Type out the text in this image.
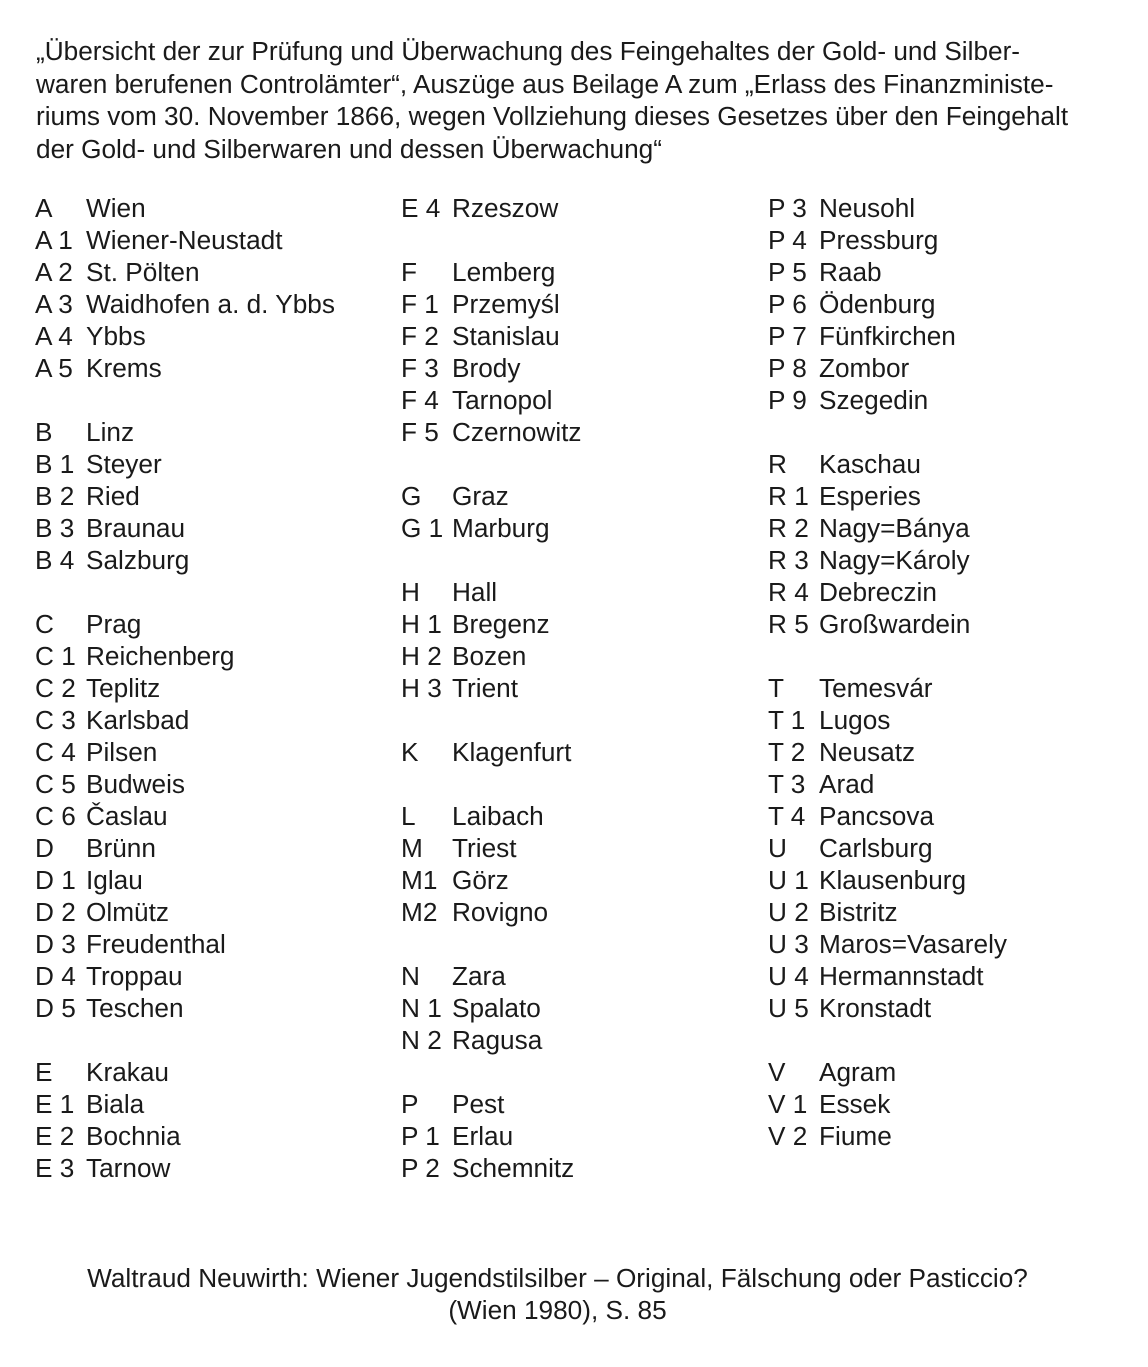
„Übersicht der zur Prüfung und Überwachung des Feingehaltes der Gold- und Silber-
waren berufenen Controlämter“, Auszüge aus Beilage A zum „Erlass des Finanzministe-
riums vom 30. November 1866, wegen Vollziehung dieses Gesetzes über den Feingehalt
der Gold- und Silberwaren und dessen Überwachung“

A	Wien
A 1 Wiener-Neustadt
A 2 St. Pölten
A 3 Waidhofen a. d. Ybbs
A 4 Ybbs
A 5 Krems
B	Linz
B 1 Steyer
B 2 Ried
B 3 Braunau
B 4 Salzburg
C	Prag
C 1 Reichenberg
C 2 Teplitz
C 3 Karlsbad
C 4 Pilsen
C 5 Budweis
C 6 Časlau
D	Brünn
D 1 Iglau
D 2 Olmütz
D 3 Freudenthal
D 4 Troppau
D 5 Teschen
E	Krakau
E 1 Biala
E 2 Bochnia
E 3 Tarnow
E 4 Rzeszow
F	Lemberg
F 1 Przemyśl
F 2 Stanislau
F 3 Brody
F 4 Tarnopol
F 5 Czernowitz
G	Graz
G 1 Marburg
H	Hall
H 1 Bregenz
H 2 Bozen
H 3 Trient
K	Klagenfurt
L	Laibach
M	Triest
M1 Görz
M2 Rovigno
N	Zara
N 1 Spalato
N 2 Ragusa
P	Pest
P 1 Erlau
P 2 Schemnitz
P 3 Neusohl
P 4 Pressburg
P 5 Raab
P 6 Ödenburg
P 7 Fünfkirchen
P 8 Zombor
P 9 Szegedin
R	Kaschau
R 1 Esperies
R 2 Nagy=Bánya
R 3 Nagy=Károly
R 4 Debreczin
R 5 Großwardein
T	Temesvár
T 1 Lugos
T 2 Neusatz
T 3 Arad
T 4 Pancsova
U	Carlsburg
U 1 Klausenburg
U 2 Bistritz
U 3 Maros=Vasarely
U 4 Hermannstadt
U 5 Kronstadt
V	Agram
V 1 Essek
V 2 Fiume

Waltraud Neuwirth: Wiener Jugendstilsilber – Original, Fälschung oder Pasticcio?
(Wien 1980), S. 85
